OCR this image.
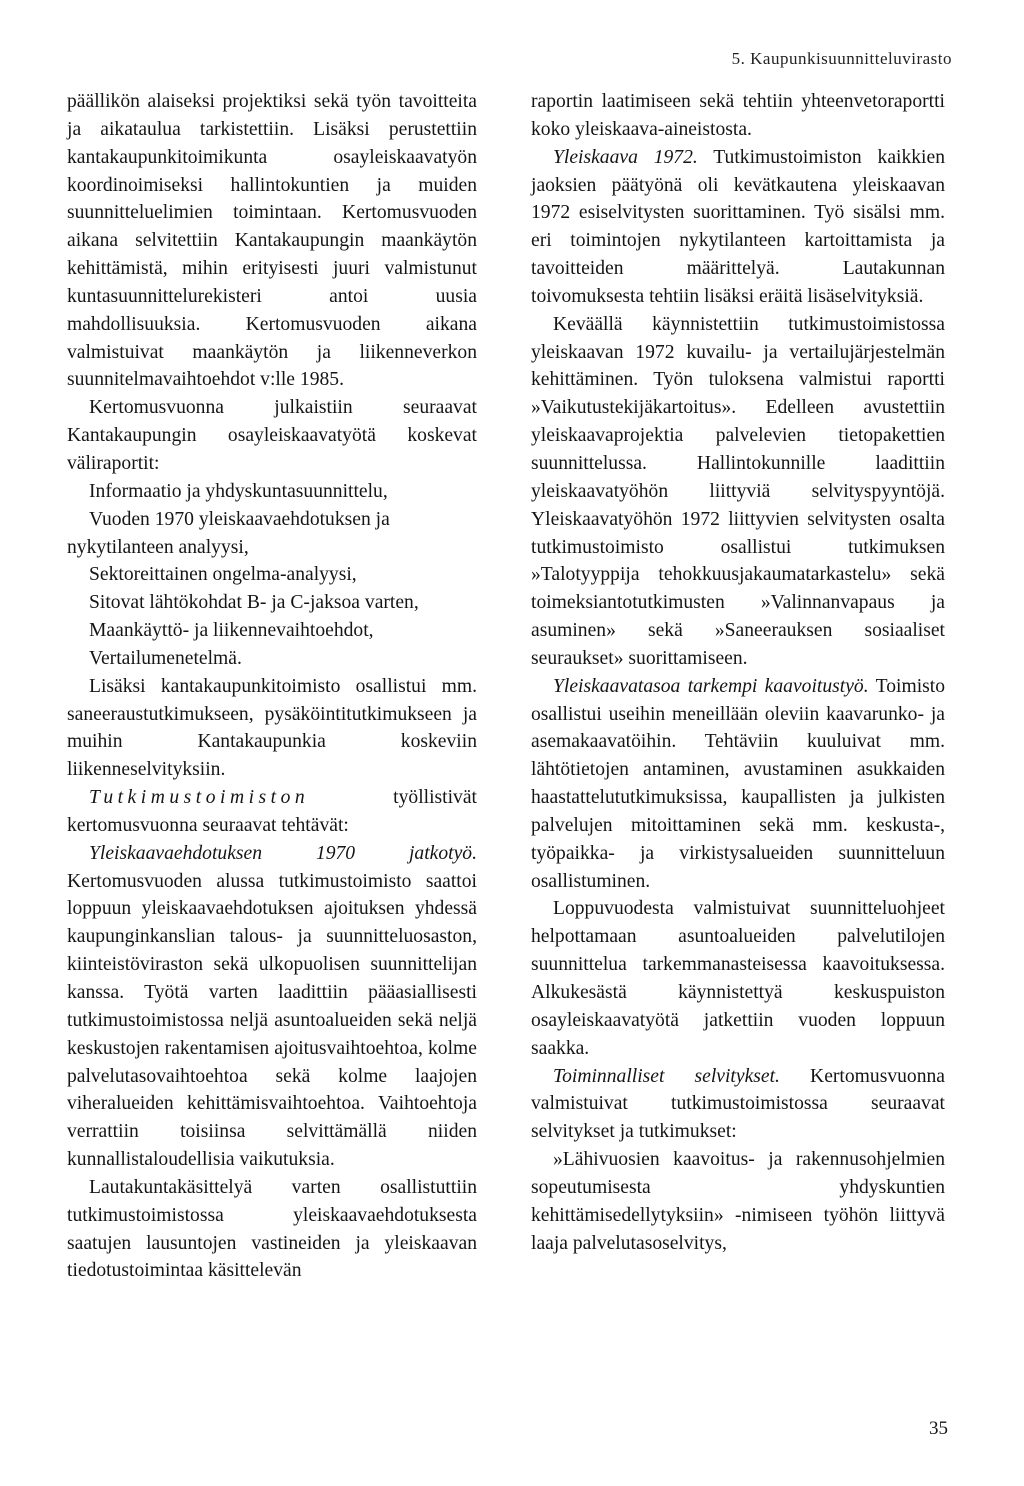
5. Kaupunkisuunnitteluvirasto

päällikön alaiseksi projektiksi sekä työn tavoitteita ja aikataulua tarkistettiin. Lisäksi perustettiin kantakaupunkitoimikunta osayleiskaavatyön koordinoimiseksi hallintokuntien ja muiden suunnitteluelimien toimintaan. Kertomusvuoden aikana selvitettiin Kantakaupungin maankäytön kehittämistä, mihin erityisesti juuri valmistunut kuntasuunnittelurekisteri antoi uusia mahdollisuuksia. Kertomusvuoden aikana valmistuivat maankäytön ja liikenneverkon suunnitelmavaihtoehdot v:lle 1985.

Kertomusvuonna julkaistiin seuraavat Kantakaupungin osayleiskaavatyötä koskevat väliraportit:

Informaatio ja yhdyskuntasuunnittelu,

Vuoden 1970 yleiskaavaehdotuksen ja

nykytilanteen analyysi,

Sektoreittainen ongelma-analyysi,

Sitovat lähtökohdat B- ja C-jaksoa varten,

Maankäyttö- ja liikennevaihtoehdot,

Vertailumenetelmä.

Lisäksi kantakaupunkitoimisto osallistui mm. saneeraustutkimukseen, pysäköintitutkimukseen ja muihin Kantakaupunkia koskeviin liikenneselvityksiin.

Tutkimustoimiston työllistivät kertomusvuonna seuraavat tehtävät:

Yleiskaavaehdotuksen 1970 jatkotyö. Kertomusvuoden alussa tutkimustoimisto saattoi loppuun yleiskaavaehdotuksen ajoituksen yhdessä kaupunginkanslian talous- ja suunnitteluosaston, kiinteistöviraston sekä ulkopuolisen suunnittelijan kanssa. Työtä varten laadittiin pääasiallisesti tutkimustoimistossa neljä asuntoalueiden sekä neljä keskustojen rakentamisen ajoitusvaihtoehtoa, kolme palvelutasovaihtoehtoa sekä kolme laajojen viheralueiden kehittämisvaihtoehtoa. Vaihtoehtoja verrattiin toisiinsa selvittämällä niiden kunnallistaloudellisia vaikutuksia.

Lautakuntakäsittelyä varten osallistuttiin tutkimustoimistossa yleiskaavaehdotuksesta saatujen lausuntojen vastineiden ja yleiskaavan tiedotustoimintaa käsittelevän

raportin laatimiseen sekä tehtiin yhteenvetoraportti koko yleiskaava-aineistosta.

Yleiskaava 1972. Tutkimustoimiston kaikkien jaoksien päätyönä oli kevätkautena yleiskaavan 1972 esiselvitysten suorittaminen. Työ sisälsi mm. eri toimintojen nykytilanteen kartoittamista ja tavoitteiden määrittelyä. Lautakunnan toivomuksesta tehtiin lisäksi eräitä lisäselvityksiä.

Keväällä käynnistettiin tutkimustoimistossa yleiskaavan 1972 kuvailu- ja vertailujärjestelmän kehittäminen. Työn tuloksena valmistui raportti »Vaikutustekijäkartoitus». Edelleen avustettiin yleiskaavaprojektia palvelevien tietopakettien suunnittelussa. Hallintokunnille laadittiin yleiskaavatyöhön liittyviä selvityspyyntöjä. Yleiskaavatyöhön 1972 liittyvien selvitysten osalta tutkimustoimisto osallistui tutkimuksen »Talotyyppija tehokkuusjakaumatarkastelu» sekä toimeksiantotutkimusten »Valinnanvapaus ja asuminen» sekä »Saneerauksen sosiaaliset seuraukset» suorittamiseen.

Yleiskaavatasoa tarkempi kaavoitustyö. Toimisto osallistui useihin meneillään oleviin kaavarunko- ja asemakaavatöihin. Tehtäviin kuuluivat mm. lähtötietojen antaminen, avustaminen asukkaiden haastattelututkimuksissa, kaupallisten ja julkisten palvelujen mitoittaminen sekä mm. keskusta-, työpaikka- ja virkistysalueiden suunnitteluun osallistuminen.

Loppuvuodesta valmistuivat suunnitteluohjeet helpottamaan asuntoalueiden palvelutilojen suunnittelua tarkemmanasteisessa kaavoituksessa. Alkukesästä käynnistettyä keskuspuiston osayleiskaavatyötä jatkettiin vuoden loppuun saakka.

Toiminnalliset selvitykset. Kertomusvuonna valmistuivat tutkimustoimistossa seuraavat selvitykset ja tutkimukset:

»Lähivuosien kaavoitus- ja rakennusohjelmien sopeutumisesta yhdyskuntien kehittämisedellytyksiin» -nimiseen työhön liittyvä laaja palvelutasoselvitys,

35
